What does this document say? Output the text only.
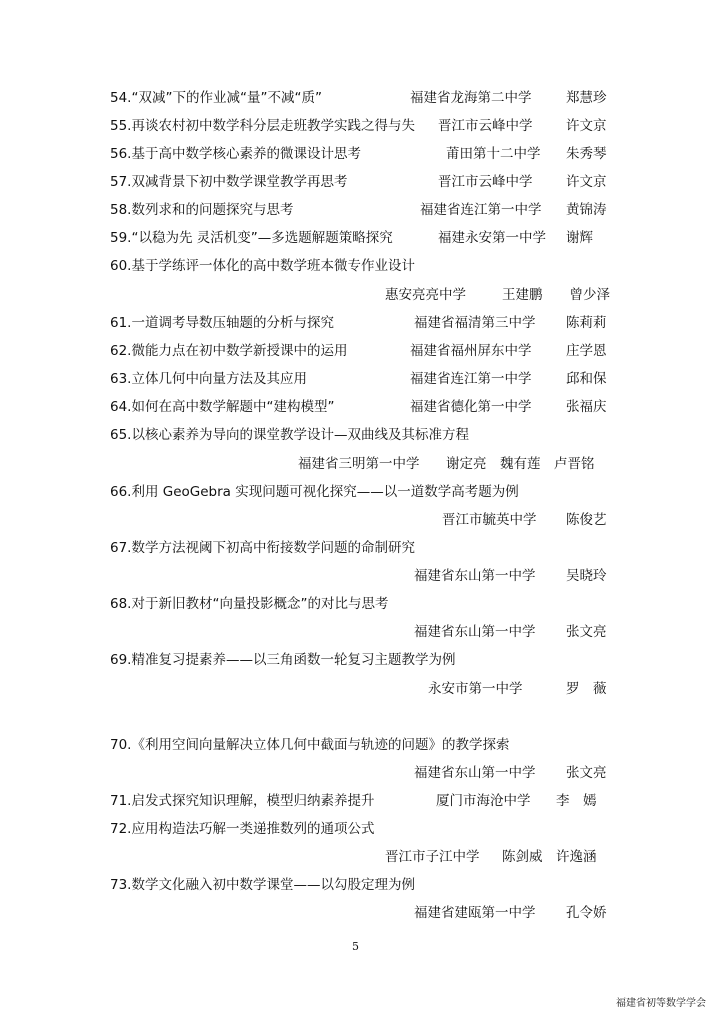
54.“双减”下的作业减“量”不减“质”	福建省龙海第二中学	郑慧珍
55.再谈农村初中数学科分层走班教学实践之得与失 晋江市云峰中学 许文京
56.基于高中数学核心素养的微课设计思考	莆田第十二中学 朱秀琴
57.双减背景下初中数学课堂教学再思考	晋江市云峰中学 许文京
58.数列求和的问题探究与思考	福建省连江第一中学 黄锦涛
59.“以稳为先 灵活机变”—多选题解题策略探究	福建永安第一中学 谢辉
60.基于学练评一体化的高中数学班本微专作业设计
惠安亮亮中学	王建鹏　　曾少泽
61.一道调考导数压轴题的分析与探究	福建省福清第三中学 陈莉莉
62.微能力点在初中数学新授课中的运用	福建省福州屏东中学	庄学恩
63.立体几何中向量方法及其应用	福建省连江第一中学	邱和保
64.如何在高中数学解题中“建构模型”	福建省德化第一中学	张福庆
65.以核心素养为导向的课堂教学设计—双曲线及其标准方程
福建省三明第一中学 谢定亮　魏有莲　卢晋铭
66.利用 GeoGebra 实现问题可视化探究——以一道数学高考题为例
晋江市毓英中学 陈俊艺
67.数学方法视阈下初高中衔接数学问题的命制研究
福建省东山第一中学 吴晓玲
68.对于新旧教材“向量投影概念”的对比与思考
福建省东山第一中学 张文亮
69.精准复习提素养——以三角函数一轮复习主题教学为例
永安市第一中学	罗　薇
70.《利用空间向量解决立体几何中截面与轨迹的问题》的教学探索
福建省东山第一中学 张文亮
71.启发式探究知识理解，模型归纳素养提升	厦门市海沧中学 李　嫣
72.应用构造法巧解一类递推数列的通项公式
晋江市子江中学 陈剑威　许逸涵
73.数学文化融入初中数学课堂——以勾股定理为例
福建省建瓯第一中学 孔令娇
5
福建省初等数学学会
